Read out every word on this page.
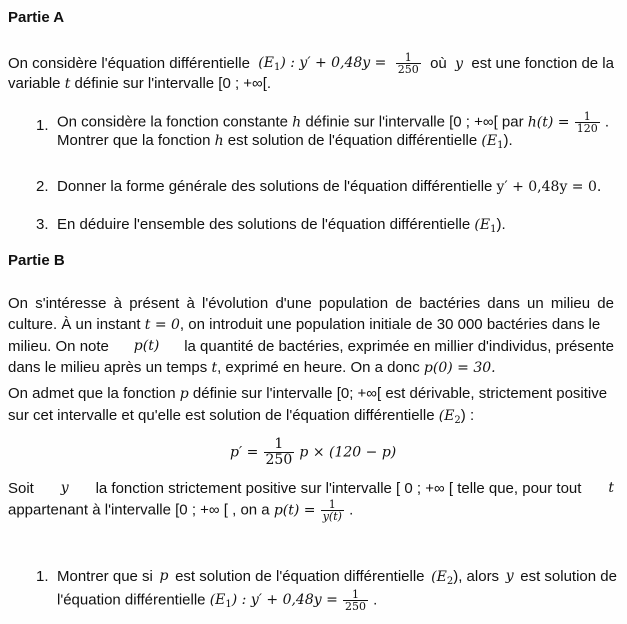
Partie A
On considère l'équation différentielle $(E_1)$ : $y' + 0,48y = \frac{1}{250}$ où y est une fonction de la
variable t définie sur l'intervalle [0 ; +∞[.
1. On considère la fonction constante h définie sur l'intervalle [0 ; +∞[ par $h(t) = \frac{1}{120}$ .
Montrer que la fonction h est solution de l'équation différentielle $(E_1)$.
2. Donner la forme générale des solutions de l'équation différentielle y′ + 0,48y = 0.
3. En déduire l'ensemble des solutions de l'équation différentielle $(E_1)$.
Partie B
On s'intéresse à présent à l'évolution d'une population de bactéries dans un milieu de
culture. À un instant t = 0, on introduit une population initiale de 30 000 bactéries dans le
milieu. On note p(t) la quantité de bactéries, exprimée en millier d'individus, présente
dans le milieu après un temps t, exprimé en heure. On a donc p(0) = 30.
On admet que la fonction p définie sur l'intervalle [0; +∞[ est dérivable, strictement positive
sur cet intervalle et qu'elle est solution de l'équation différentielle $(E_2)$ :
$p' = \frac{1}{250}$ p × (120 − p)
Soit y la fonction strictement positive sur l'intervalle [ 0 ; +∞ [ telle que, pour tout t
appartenant à l'intervalle [0 ; +∞ [ , on a $p(t) = \frac{1}{y(t)}$ .
1. Montrer que si p est solution de l'équation différentielle $(E_2)$, alors y est solution de
l'équation différentielle $(E_1)$ : $y' + 0,48y = \frac{1}{250}$ .
